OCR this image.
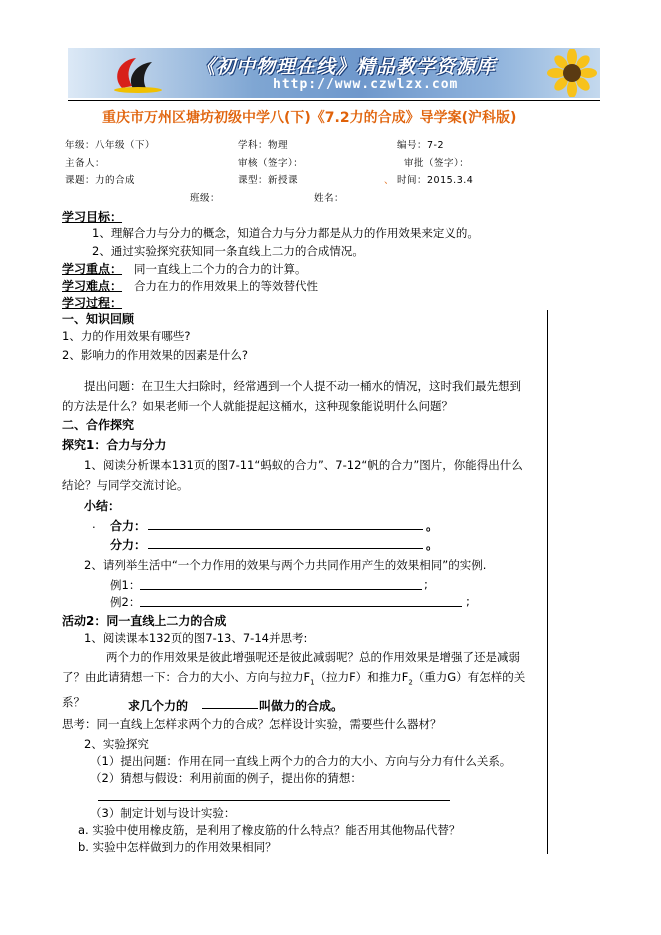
《初中物理在线》精品教学资源库
http://www.czwlzx.com
重庆市万州区塘坊初级中学八(下)《7.2力的合成》导学案(沪科版)
年级：八年级（下）	学科：物理	编号：7-2
主备人：	审核（签字）：	审批（签字）：
课题：力的合成	课型：新授课	、 时间：2015.3.4
班级：	姓名：
学习目标：
1、理解合力与分力的概念，知道合力与分力都是从力的作用效果来定义的。
2、通过实验探究获知同一条直线上二力的合成情况。
学习重点： 同一直线上二个力的合力的计算。
学习难点： 合力在力的作用效果上的等效替代性
学习过程：
一、知识回顾
1、力的作用效果有哪些?
2、影响力的作用效果的因素是什么?
提出问题：在卫生大扫除时，经常遇到一个人提不动一桶水的情况，这时我们最先想到的方法是什么？如果老师一个人就能提起这桶水，这种现象能说明什么问题？
二、合作探究
探究1：合力与分力
1、阅读分析课本131页的图7-11“蚂蚁的合力”、7-12“帆的合力”图片，你能得出什么结论？与同学交流讨论。
小结：
. 合力：	。
分力：	。
2、请列举生活中“一个力作用的效果与两个力共同作用产生的效果相同”的实例.
例1：	;
例2：	;
活动2：同一直线上二力的合成
1、阅读课本132页的图7-13、7-14并思考:
两个力的作用效果是彼此增强呢还是彼此减弱呢？总的作用效果是增强了还是减弱了？由此请猜想一下：合力的大小、方向与拉力$F_1$（拉力F）和推力$F_2$（重力G）有怎样的关系？	求几个力的	叫做力的合成。
思考：同一直线上怎样求两个力的合成？怎样设计实验，需要些什么器材？
2、实验探究
（1）提出问题：作用在同一直线上两个力的合力的大小、方向与分力有什么关系。
（2）猜想与假设：利用前面的例子，提出你的猜想：
（3）制定计划与设计实验：
a. 实验中使用橡皮筋，是利用了橡皮筋的什么特点？能否用其他物品代替？
b. 实验中怎样做到力的作用效果相同？
